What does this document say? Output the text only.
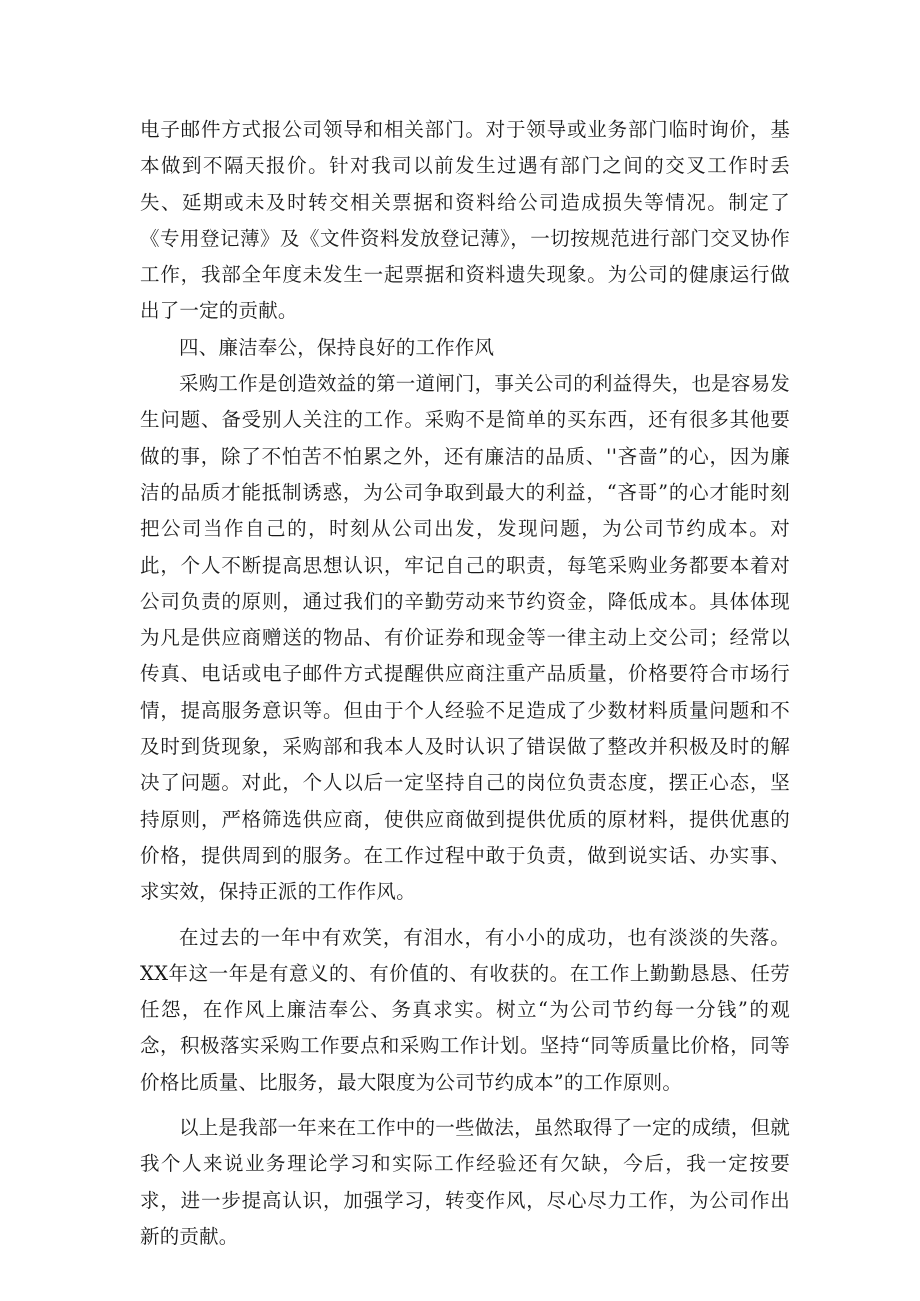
电子邮件方式报公司领导和相关部门。对于领导或业务部门临时询价，基本做到不隔天报价。针对我司以前发生过遇有部门之间的交叉工作时丢失、延期或未及时转交相关票据和资料给公司造成损失等情况。制定了《专用登记薄》及《文件资料发放登记薄》，一切按规范进行部门交叉协作工作，我部全年度未发生一起票据和资料遗失现象。为公司的健康运行做出了一定的贡献。

四、廉洁奉公，保持良好的工作作风

采购工作是创造效益的第一道闸门，事关公司的利益得失，也是容易发生问题、备受别人关注的工作。采购不是简单的买东西，还有很多其他要做的事，除了不怕苦不怕累之外，还有廉洁的品质、''吝啬”的心，因为廉洁的品质才能抵制诱惑，为公司争取到最大的利益，“吝哥”的心才能时刻把公司当作自己的，时刻从公司出发，发现问题，为公司节约成本。对此，个人不断提高思想认识，牢记自己的职责，每笔采购业务都要本着对公司负责的原则，通过我们的辛勤劳动来节约资金，降低成本。具体体现为凡是供应商赠送的物品、有价证券和现金等一律主动上交公司；经常以传真、电话或电子邮件方式提醒供应商注重产品质量，价格要符合市场行情，提高服务意识等。但由于个人经验不足造成了少数材料质量问题和不及时到货现象，采购部和我本人及时认识了错误做了整改并积极及时的解决了问题。对此，个人以后一定坚持自己的岗位负责态度，摆正心态，坚持原则，严格筛选供应商，使供应商做到提供优质的原材料，提供优惠的价格，提供周到的服务。在工作过程中敢于负责，做到说实话、办实事、求实效，保持正派的工作作风。

在过去的一年中有欢笑，有泪水，有小小的成功，也有淡淡的失落。XX年这一年是有意义的、有价值的、有收获的。在工作上勤勤恳恳、任劳任怨，在作风上廉洁奉公、务真求实。树立“为公司节约每一分钱”的观念，积极落实采购工作要点和采购工作计划。坚持“同等质量比价格，同等价格比质量、比服务，最大限度为公司节约成本”的工作原则。

以上是我部一年来在工作中的一些做法，虽然取得了一定的成绩，但就我个人来说业务理论学习和实际工作经验还有欠缺，今后，我一定按要求，进一步提高认识，加强学习，转变作风，尽心尽力工作，为公司作出新的贡献。
